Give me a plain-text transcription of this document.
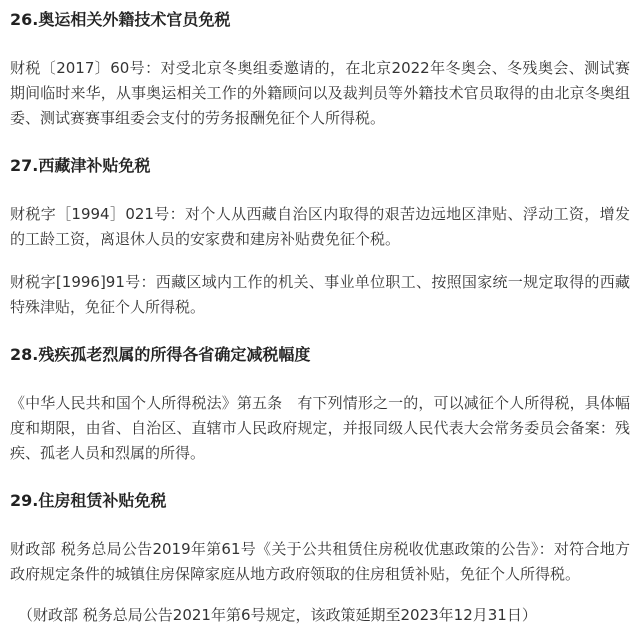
26.奥运相关外籍技术官员免税

财税〔2017〕60号：对受北京冬奥组委邀请的，在北京2022年冬奥会、冬残奥会、测试赛期间临时来华，从事奥运相关工作的外籍顾问以及裁判员等外籍技术官员取得的由北京冬奥组委、测试赛赛事组委会支付的劳务报酬免征个人所得税。

27.西藏津补贴免税

财税字［1994］021号：对个人从西藏自治区内取得的艰苦边远地区津贴、浮动工资，增发的工龄工资，离退休人员的安家费和建房补贴费免征个税。

财税字[1996]91号：西藏区域内工作的机关、事业单位职工、按照国家统一规定取得的西藏特殊津贴，免征个人所得税。

28.残疾孤老烈属的所得各省确定减税幅度

《中华人民共和国个人所得税法》第五条　有下列情形之一的，可以减征个人所得税，具体幅度和期限，由省、自治区、直辖市人民政府规定，并报同级人民代表大会常务委员会备案：残疾、孤老人员和烈属的所得。

29.住房租赁补贴免税

财政部 税务总局公告2019年第61号《关于公共租赁住房税收优惠政策的公告》：对符合地方政府规定条件的城镇住房保障家庭从地方政府领取的住房租赁补贴，免征个人所得税。

（财政部 税务总局公告2021年第6号规定，该政策延期至2023年12月31日）
